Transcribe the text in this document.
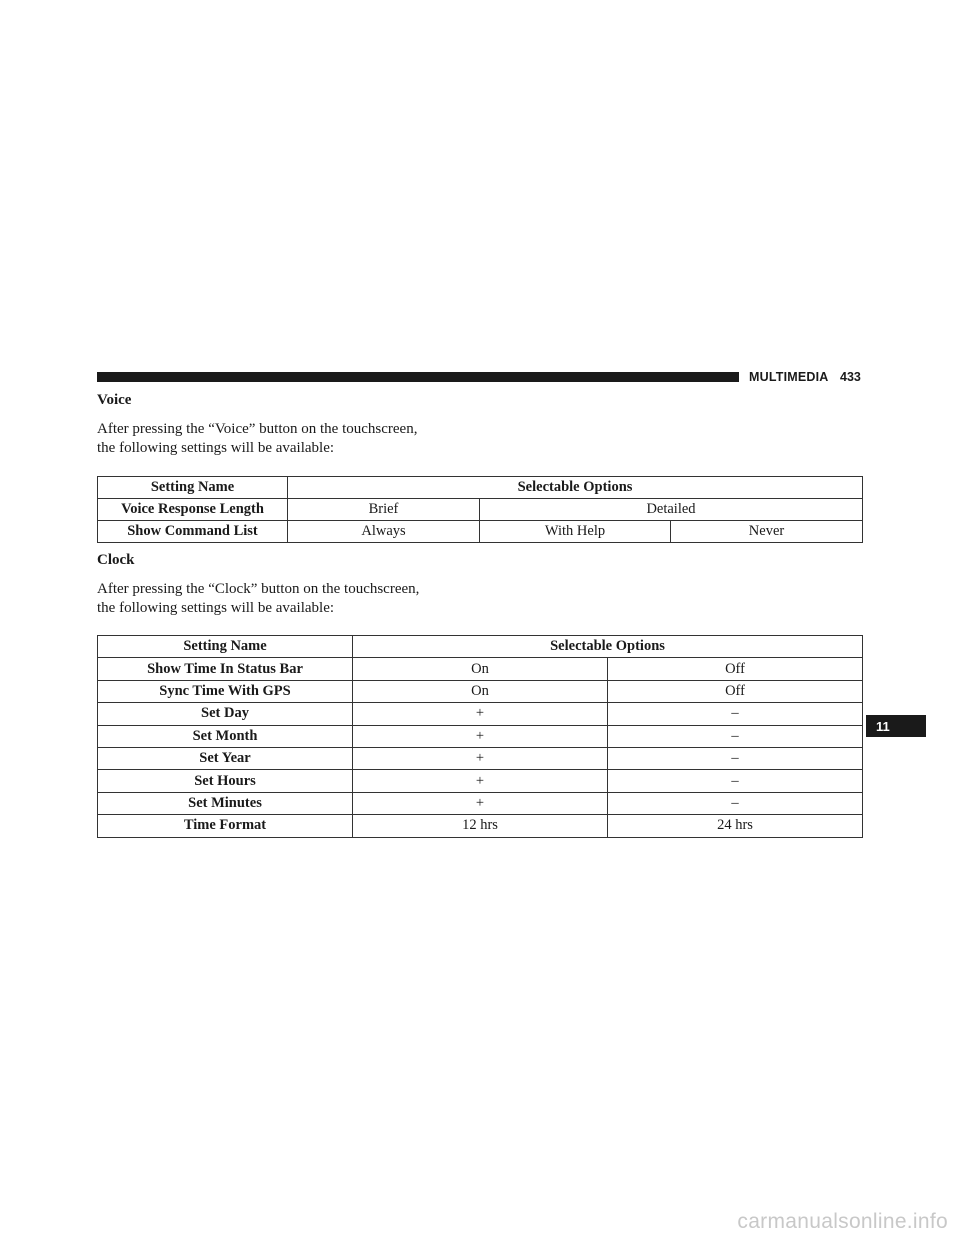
MULTIMEDIA 433
Voice
After pressing the “Voice” button on the touchscreen,
the following settings will be available:
Setting Name	Selectable Options		
Voice Response Length	Brief	Detailed	
Show Command List	Always	With Help	Never
Clock
After pressing the “Clock” button on the touchscreen,
the following settings will be available:
Setting Name	Selectable Options	
Show Time In Status Bar	On	Off
Sync Time With GPS	On	Off
Set Day	+	–
Set Month	+	–
Set Year	+	–
Set Hours	+	–
Set Minutes	+	–
Time Format	12 hrs	24 hrs
11
carmanualsonline.info
